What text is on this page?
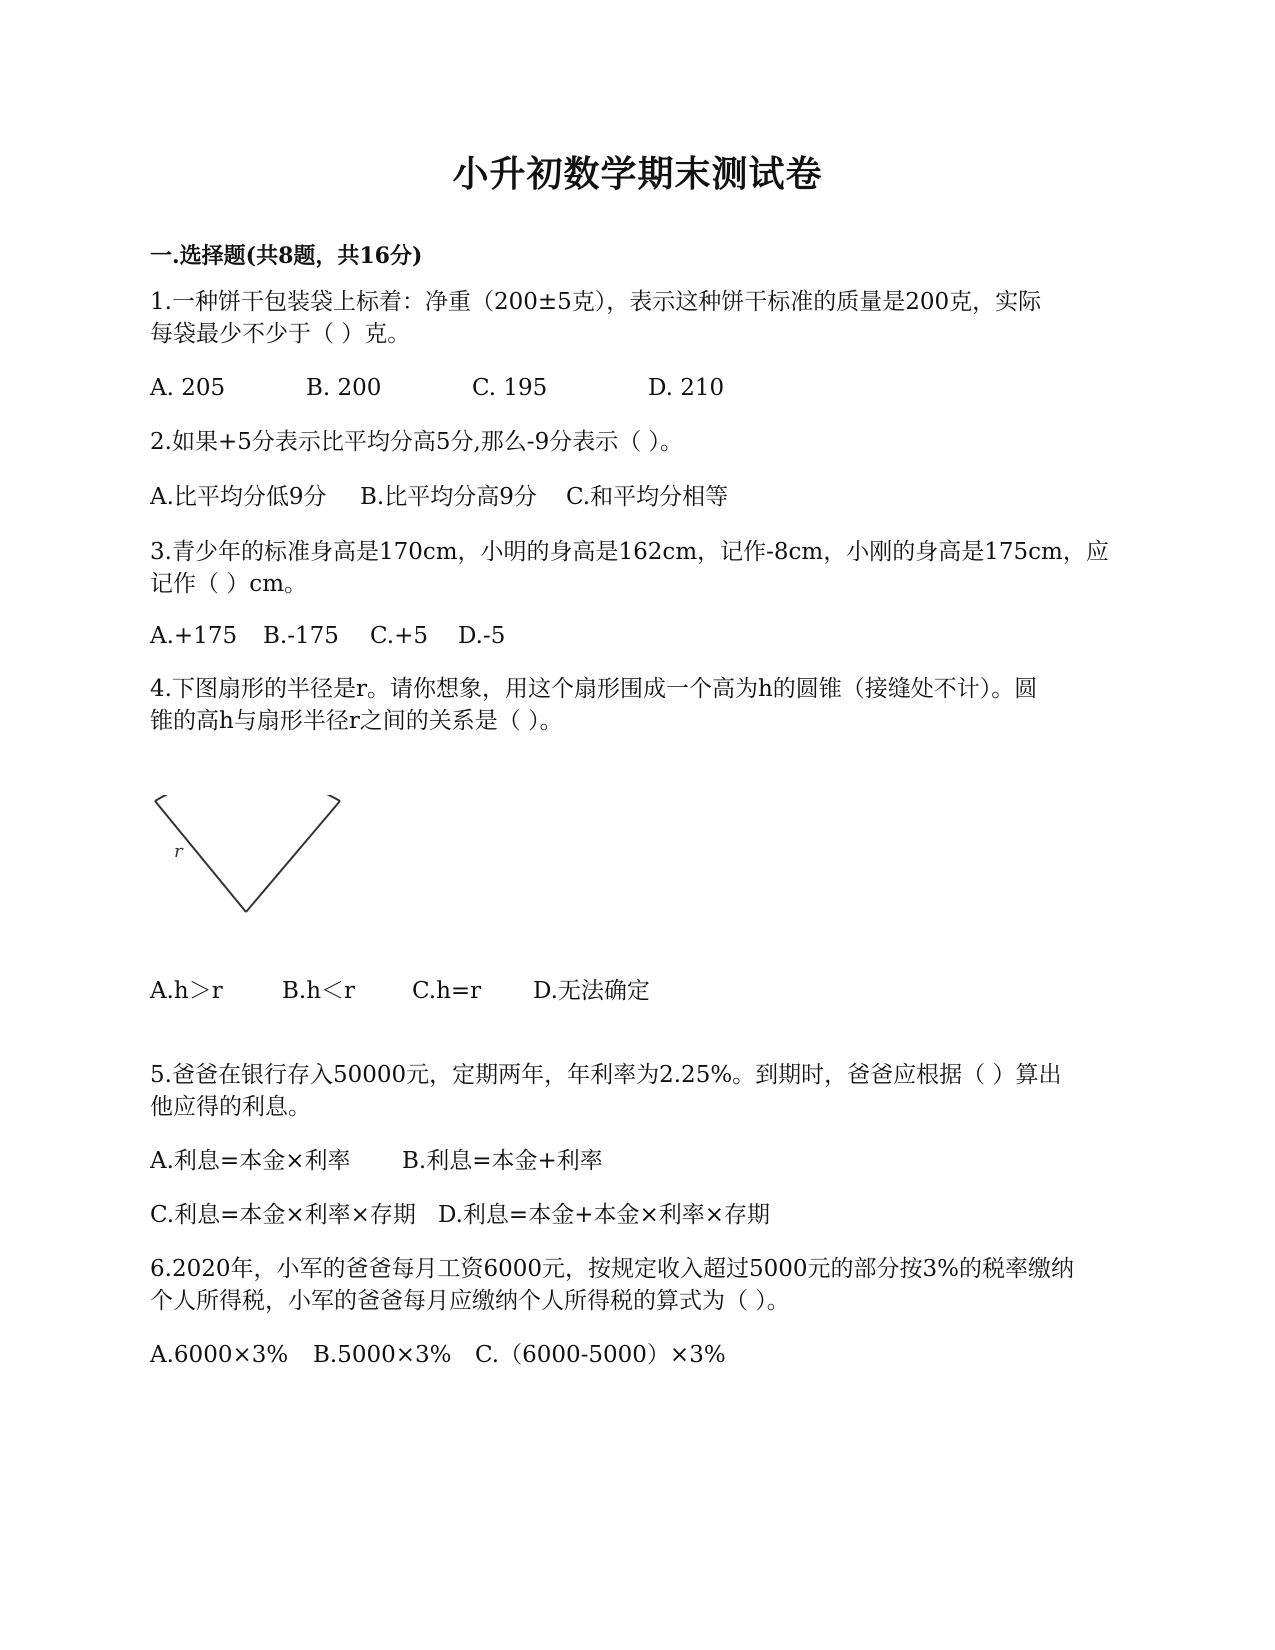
小升初数学期末测试卷
一.选择题(共8题，共16分)
1.一种饼干包装袋上标着：净重（200±5克），表示这种饼干标准的质量是200克，实际
每袋最少不少于（ ）克。
A. 205	B. 200	C. 195	D. 210
2.如果+5分表示比平均分高5分,那么-9分表示（ ）。
A.比平均分低9分 B.比平均分高9分 C.和平均分相等
3.青少年的标准身高是170cm，小明的身高是162cm，记作-8cm，小刚的身高是175cm，应
记作（ ）cm。
A.+175 B.-175 C.+5 D.-5
4.下图扇形的半径是r。请你想象，用这个扇形围成一个高为h的圆锥（接缝处不计）。圆
锥的高h与扇形半径r之间的关系是（ ）。
r
A.h＞r	B.h＜r C.h=r D.无法确定
5.爸爸在银行存入50000元，定期两年，年利率为2.25%。到期时，爸爸应根据（ ）算出
他应得的利息。
A.利息=本金×利率 B.利息=本金+利率
C.利息=本金×利率×存期 D.利息=本金+本金×利率×存期
6.2020年，小军的爸爸每月工资6000元，按规定收入超过5000元的部分按3%的税率缴纳
个人所得税，小军的爸爸每月应缴纳个人所得税的算式为（ ）。
A.6000×3% B.5000×3% C.（6000-5000）×3%
